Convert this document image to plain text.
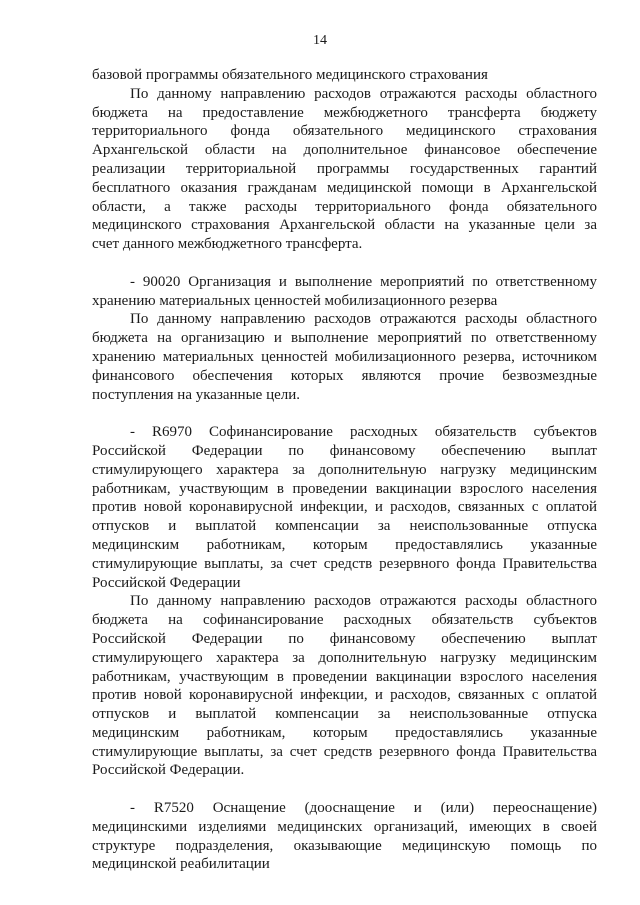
14
базовой программы обязательного медицинского страхования
По данному направлению расходов отражаются расходы областного
бюджета на предоставление межбюджетного трансферта бюджету
территориального фонда обязательного медицинского страхования
Архангельской области на дополнительное финансовое обеспечение
реализации территориальной программы государственных гарантий
бесплатного оказания гражданам медицинской помощи в Архангельской
области, а также расходы территориального фонда обязательного
медицинского страхования Архангельской области на указанные цели за
счет данного межбюджетного трансферта.
- 90020 Организация и выполнение мероприятий по ответственному
хранению материальных ценностей мобилизационного резерва
По данному направлению расходов отражаются расходы областного
бюджета на организацию и выполнение мероприятий по ответственному
хранению материальных ценностей мобилизационного резерва, источником
финансового обеспечения которых являются прочие безвозмездные
поступления на указанные цели.
- R6970 Софинансирование расходных обязательств субъектов
Российской Федерации по финансовому обеспечению выплат
стимулирующего характера за дополнительную нагрузку медицинским
работникам, участвующим в проведении вакцинации взрослого населения
против новой коронавирусной инфекции, и расходов, связанных с оплатой
отпусков и выплатой компенсации за неиспользованные отпуска
медицинским работникам, которым предоставлялись указанные
стимулирующие выплаты, за счет средств резервного фонда Правительства
Российской Федерации
По данному направлению расходов отражаются расходы областного
бюджета на софинансирование расходных обязательств субъектов
Российской Федерации по финансовому обеспечению выплат
стимулирующего характера за дополнительную нагрузку медицинским
работникам, участвующим в проведении вакцинации взрослого населения
против новой коронавирусной инфекции, и расходов, связанных с оплатой
отпусков и выплатой компенсации за неиспользованные отпуска
медицинским работникам, которым предоставлялись указанные
стимулирующие выплаты, за счет средств резервного фонда Правительства
Российской Федерации.
- R7520 Оснащение (дооснащение и (или) переоснащение)
медицинскими изделиями медицинских организаций, имеющих в своей
структуре подразделения, оказывающие медицинскую помощь по
медицинской реабилитации
